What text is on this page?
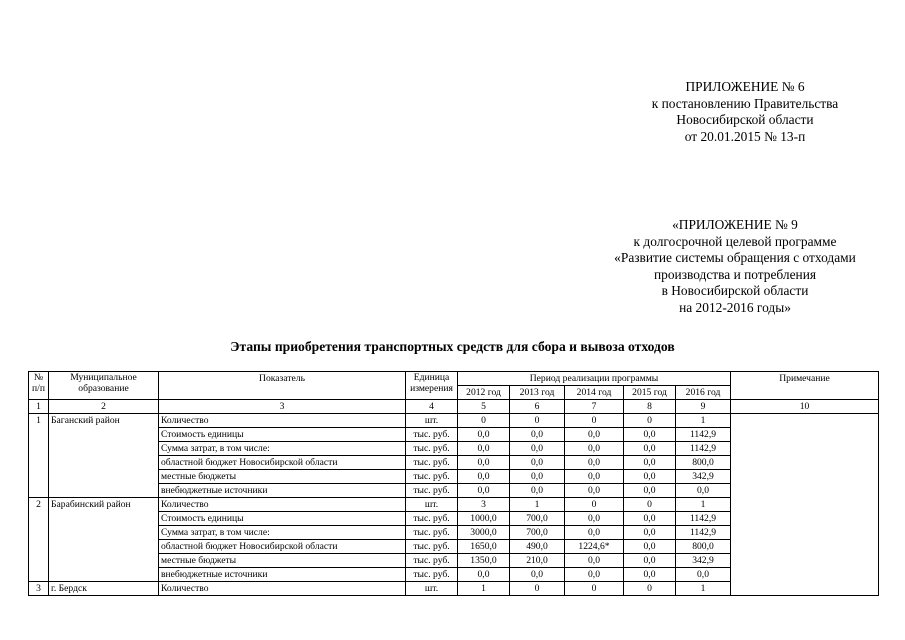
ПРИЛОЖЕНИЕ № 6
к постановлению Правительства
Новосибирской области
от 20.01.2015 № 13-п
«ПРИЛОЖЕНИЕ № 9
к долгосрочной целевой программе
«Развитие системы обращения с отходами
производства и потребления
в Новосибирской области
на 2012-2016 годы»
Этапы приобретения транспортных средств для сбора и вывоза отходов
№ п/п	Муниципальное образование	Показатель	Единица измерения	Период реализации программы					Примечание
				2012 год	2013 год	2014 год	2015 год	2016 год	
1	2	3	4	5	6	7	8	9	10
1	Баганский район	Количество	шт.	0	0	0	0	1	
		Стоимость единицы	тыс. руб.	0,0	0,0	0,0	0,0	1142,9	
		Сумма затрат, в том числе:	тыс. руб.	0,0	0,0	0,0	0,0	1142,9	
		областной бюджет Новосибирской области	тыс. руб.	0,0	0,0	0,0	0,0	800,0	
		местные бюджеты	тыс. руб.	0,0	0,0	0,0	0,0	342,9	
		внебюджетные источники	тыс. руб.	0,0	0,0	0,0	0,0	0,0	
2	Барабинский район	Количество	шт.	3	1	0	0	1	
		Стоимость единицы	тыс. руб.	1000,0	700,0	0,0	0,0	1142,9	
		Сумма затрат, в том числе:	тыс. руб.	3000,0	700,0	0,0	0,0	1142,9	
		областной бюджет Новосибирской области	тыс. руб.	1650,0	490,0	1224,6*	0,0	800,0	
		местные бюджеты	тыс. руб.	1350,0	210,0	0,0	0,0	342,9	
		внебюджетные источники	тыс. руб.	0,0	0,0	0,0	0,0	0,0	
3	г. Бердск	Количество	шт.	1	0	0	0	1	
